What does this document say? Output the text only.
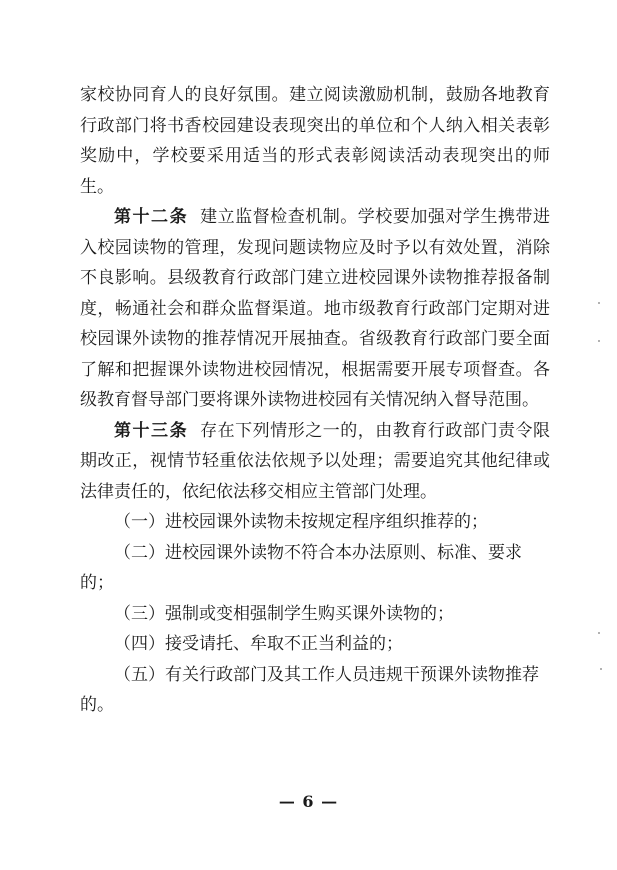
家校协同育人的良好氛围。建立阅读激励机制，鼓励各地教育行政部门将书香校园建设表现突出的单位和个人纳入相关表彰奖励中，学校要采用适当的形式表彰阅读活动表现突出的师生。

第十二条 建立监督检查机制。学校要加强对学生携带进入校园读物的管理，发现问题读物应及时予以有效处置，消除不良影响。县级教育行政部门建立进校园课外读物推荐报备制度，畅通社会和群众监督渠道。地市级教育行政部门定期对进校园课外读物的推荐情况开展抽查。省级教育行政部门要全面了解和把握课外读物进校园情况，根据需要开展专项督查。各级教育督导部门要将课外读物进校园有关情况纳入督导范围。

第十三条 存在下列情形之一的，由教育行政部门责令限期改正，视情节轻重依法依规予以处理；需要追究其他纪律或法律责任的，依纪依法移交相应主管部门处理。

（一）进校园课外读物未按规定程序组织推荐的；

（二）进校园课外读物不符合本办法原则、标准、要求的；

（三）强制或变相强制学生购买课外读物的；

（四）接受请托、牟取不正当利益的；

（五）有关行政部门及其工作人员违规干预课外读物推荐的。

— 6 —
